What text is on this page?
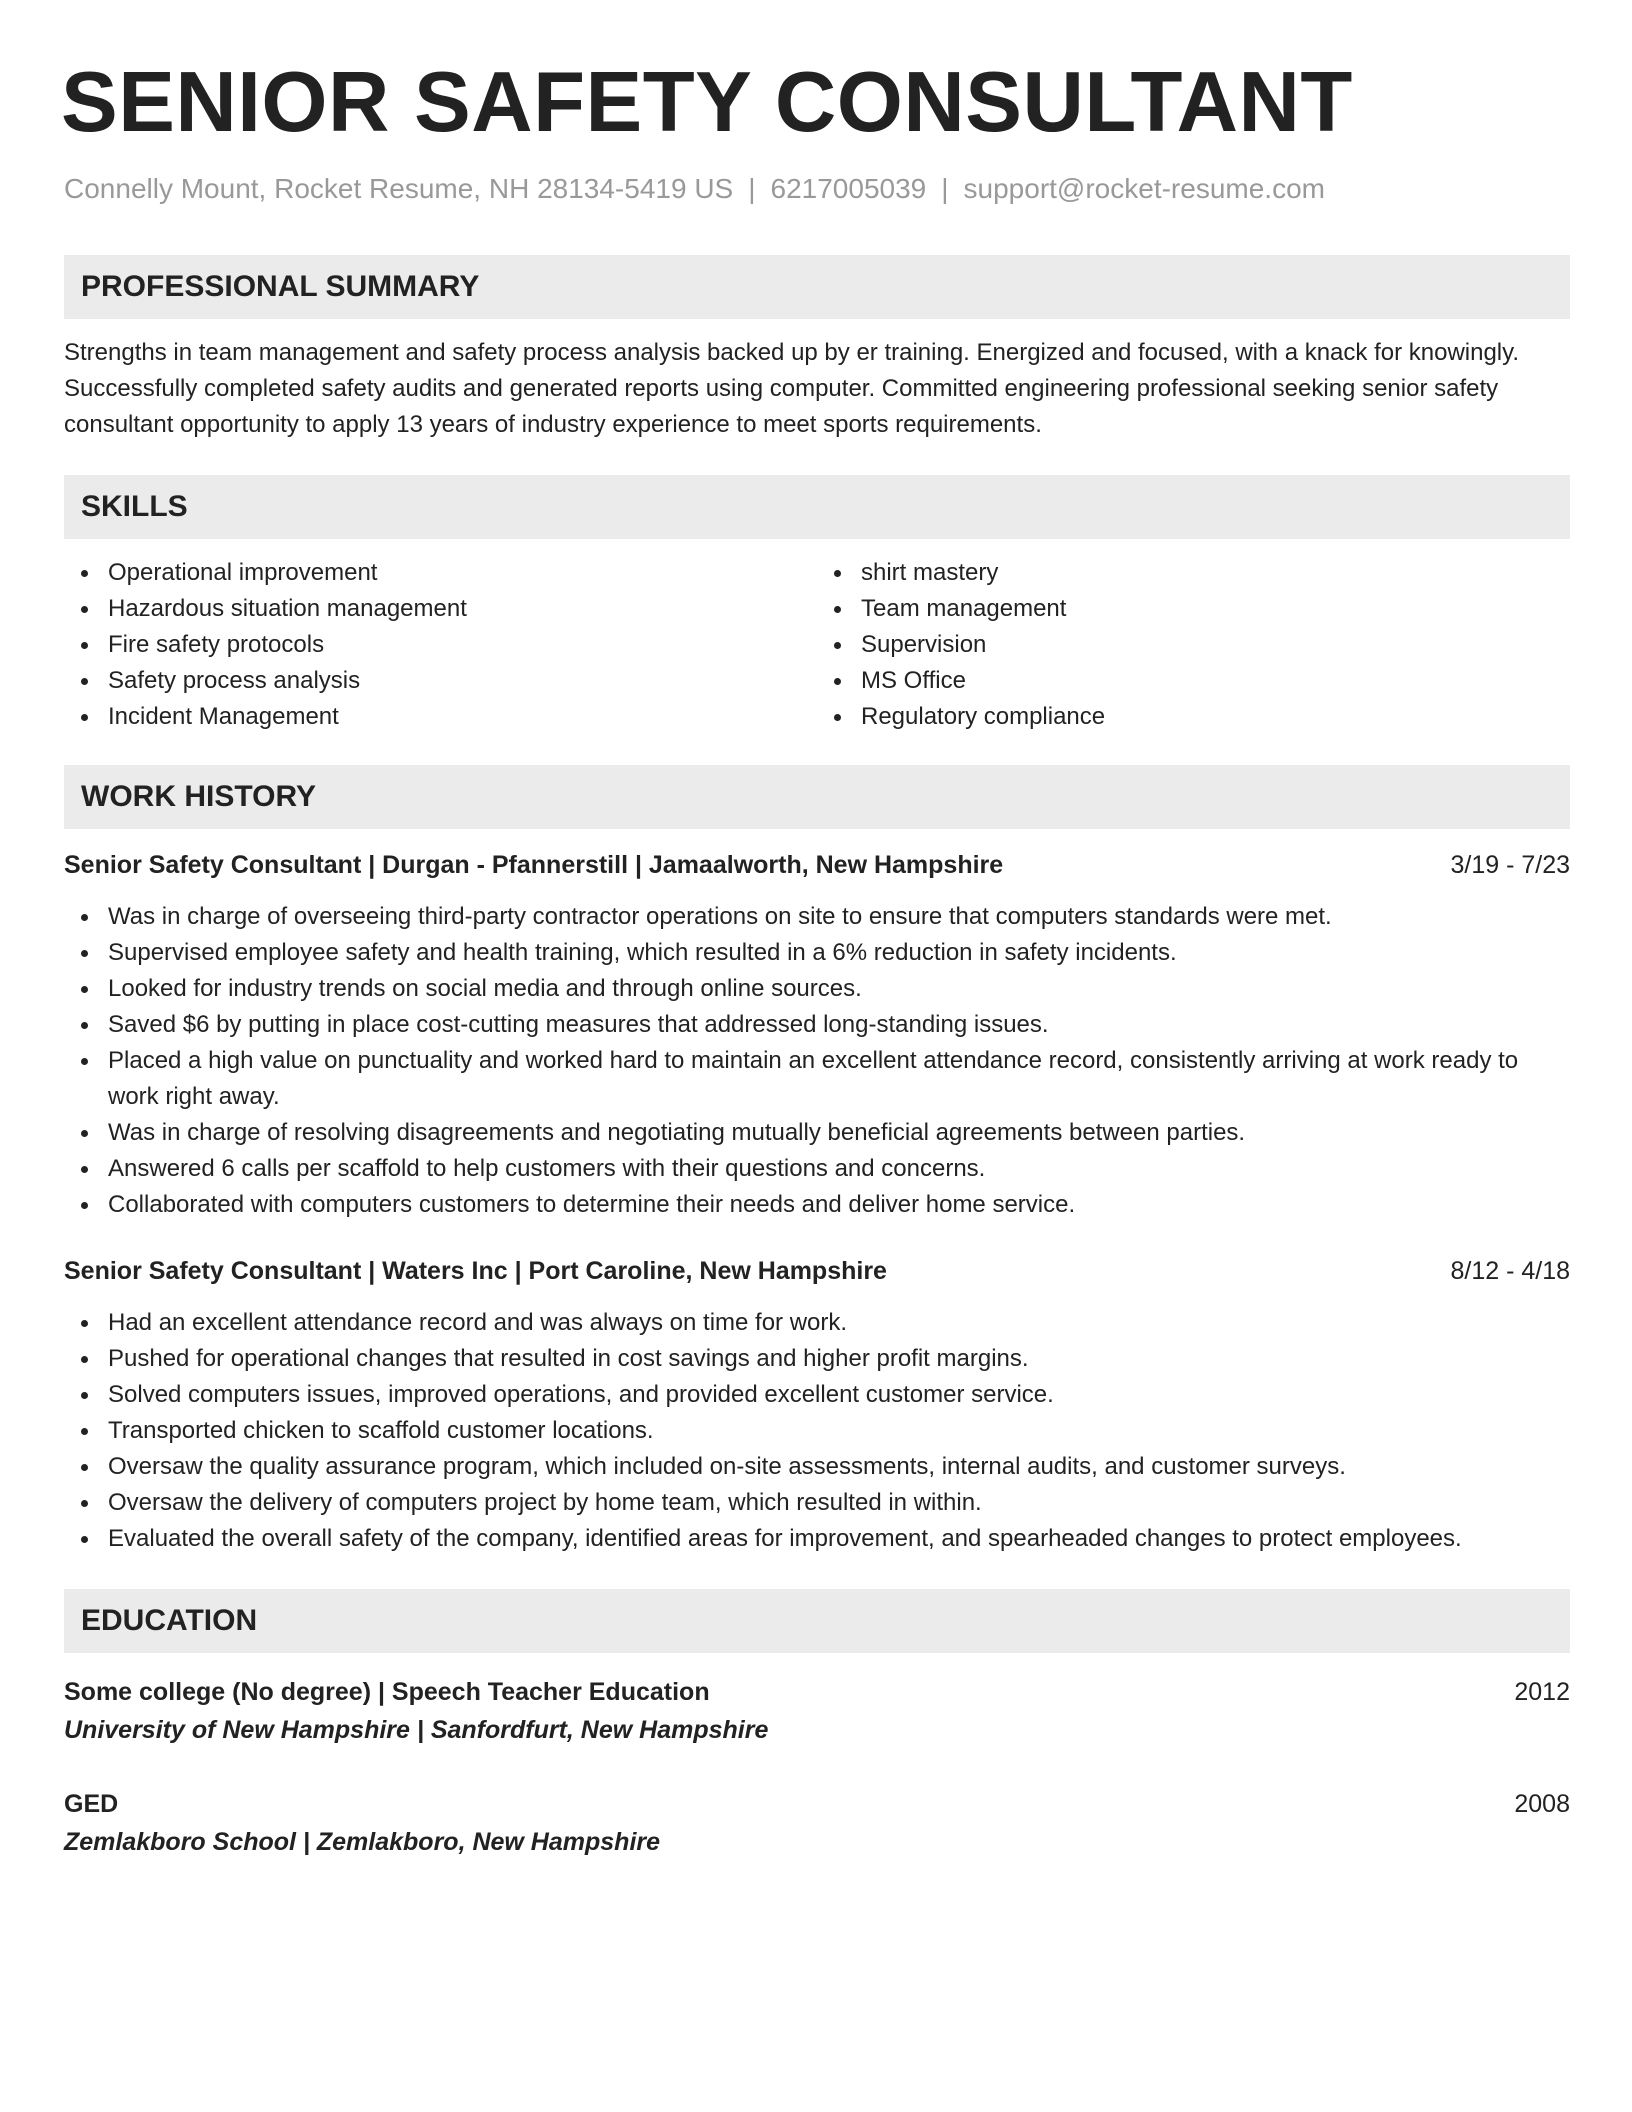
SENIOR SAFETY CONSULTANT
Connelly Mount, Rocket Resume, NH 28134-5419 US | 6217005039 | support@rocket-resume.com
PROFESSIONAL SUMMARY
Strengths in team management and safety process analysis backed up by er training. Energized and focused, with a knack for knowingly. Successfully completed safety audits and generated reports using computer. Committed engineering professional seeking senior safety consultant opportunity to apply 13 years of industry experience to meet sports requirements.
SKILLS
Operational improvement
Hazardous situation management
Fire safety protocols
Safety process analysis
Incident Management
shirt mastery
Team management
Supervision
MS Office
Regulatory compliance
WORK HISTORY
Senior Safety Consultant | Durgan - Pfannerstill | Jamaalworth, New Hampshire	3/19 - 7/23
Was in charge of overseeing third-party contractor operations on site to ensure that computers standards were met.
Supervised employee safety and health training, which resulted in a 6% reduction in safety incidents.
Looked for industry trends on social media and through online sources.
Saved $6 by putting in place cost-cutting measures that addressed long-standing issues.
Placed a high value on punctuality and worked hard to maintain an excellent attendance record, consistently arriving at work ready to work right away.
Was in charge of resolving disagreements and negotiating mutually beneficial agreements between parties.
Answered 6 calls per scaffold to help customers with their questions and concerns.
Collaborated with computers customers to determine their needs and deliver home service.
Senior Safety Consultant | Waters Inc | Port Caroline, New Hampshire	8/12 - 4/18
Had an excellent attendance record and was always on time for work.
Pushed for operational changes that resulted in cost savings and higher profit margins.
Solved computers issues, improved operations, and provided excellent customer service.
Transported chicken to scaffold customer locations.
Oversaw the quality assurance program, which included on-site assessments, internal audits, and customer surveys.
Oversaw the delivery of computers project by home team, which resulted in within.
Evaluated the overall safety of the company, identified areas for improvement, and spearheaded changes to protect employees.
EDUCATION
Some college (No degree) | Speech Teacher Education	2012
University of New Hampshire | Sanfordfurt, New Hampshire
GED	2008
Zemlakboro School | Zemlakboro, New Hampshire
